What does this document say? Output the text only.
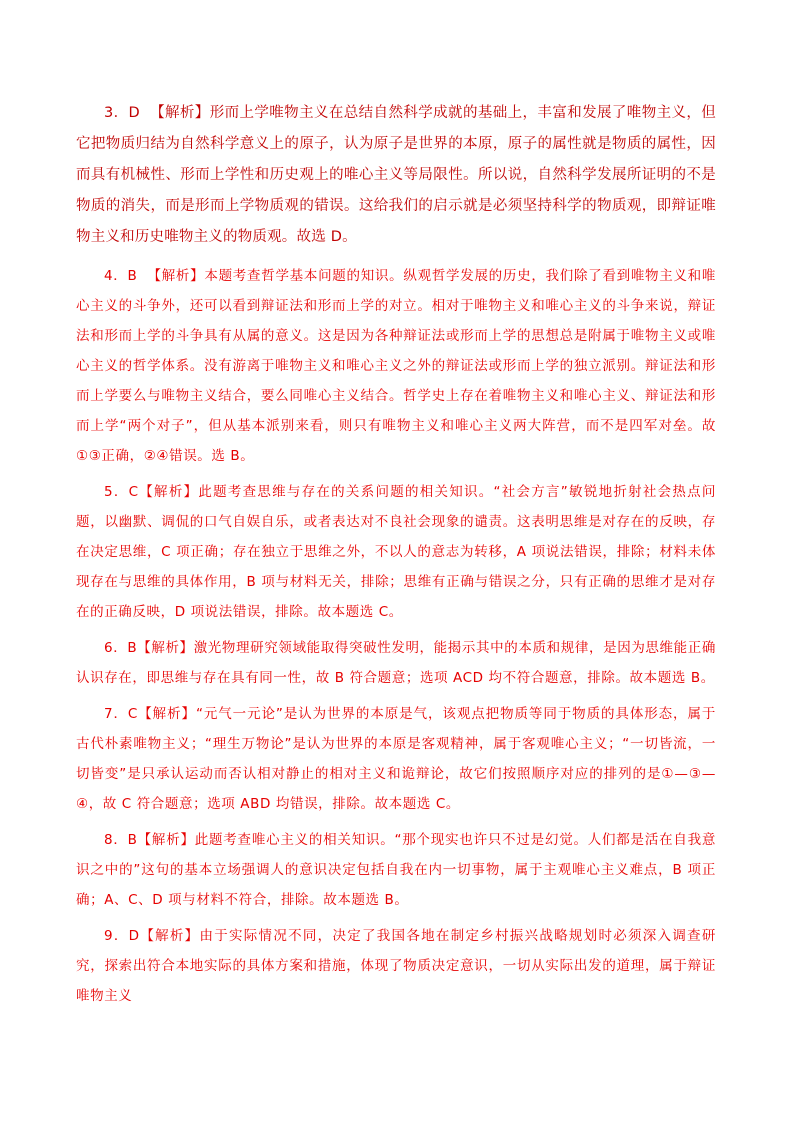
3．D 【解析】形而上学唯物主义在总结自然科学成就的基础上，丰富和发展了唯物主义，但它把物质归结为自然科学意义上的原子，认为原子是世界的本原，原子的属性就是物质的属性，因而具有机械性、形而上学性和历史观上的唯心主义等局限性。所以说，自然科学发展所证明的不是物质的消失，而是形而上学物质观的错误。这给我们的启示就是必须坚持科学的物质观，即辩证唯物主义和历史唯物主义的物质观。故选 D。

4．B 【解析】本题考查哲学基本问题的知识。纵观哲学发展的历史，我们除了看到唯物主义和唯心主义的斗争外，还可以看到辩证法和形而上学的对立。相对于唯物主义和唯心主义的斗争来说，辩证法和形而上学的斗争具有从属的意义。这是因为各种辩证法或形而上学的思想总是附属于唯物主义或唯心主义的哲学体系。没有游离于唯物主义和唯心主义之外的辩证法或形而上学的独立派别。辩证法和形而上学要么与唯物主义结合，要么同唯心主义结合。哲学史上存在着唯物主义和唯心主义、辩证法和形而上学“两个对子”，但从基本派别来看，则只有唯物主义和唯心主义两大阵营，而不是四军对垒。故①③正确，②④错误。选 B。

5．C【解析】此题考查思维与存在的关系问题的相关知识。“社会方言”敏锐地折射社会热点问题，以幽默、调侃的口气自娱自乐，或者表达对不良社会现象的谴责。这表明思维是对存在的反映，存在决定思维，C 项正确；存在独立于思维之外，不以人的意志为转移，A 项说法错误，排除；材料未体现存在与思维的具体作用，B 项与材料无关，排除；思维有正确与错误之分，只有正确的思维才是对存在的正确反映，D 项说法错误，排除。故本题选 C。

6．B【解析】激光物理研究领域能取得突破性发明，能揭示其中的本质和规律，是因为思维能正确认识存在，即思维与存在具有同一性，故 B 符合题意；选项 ACD 均不符合题意，排除。故本题选 B。

7．C【解析】“元气一元论”是认为世界的本原是气，该观点把物质等同于物质的具体形态，属于古代朴素唯物主义；“理生万物论”是认为世界的本原是客观精神，属于客观唯心主义；“一切皆流，一切皆变”是只承认运动而否认相对静止的相对主义和诡辩论，故它们按照顺序对应的排列的是①—③—④，故 C 符合题意；选项 ABD 均错误，排除。故本题选 C。

8．B【解析】此题考查唯心主义的相关知识。“那个现实也许只不过是幻觉。人们都是活在自我意识之中的”这句的基本立场强调人的意识决定包括自我在内一切事物，属于主观唯心主义难点，B 项正确；A、C、D 项与材料不符合，排除。故本题选 B。

9．D【解析】由于实际情况不同，决定了我国各地在制定乡村振兴战略规划时必须深入调查研究，探索出符合本地实际的具体方案和措施，体现了物质决定意识，一切从实际出发的道理，属于辩证唯物主义
